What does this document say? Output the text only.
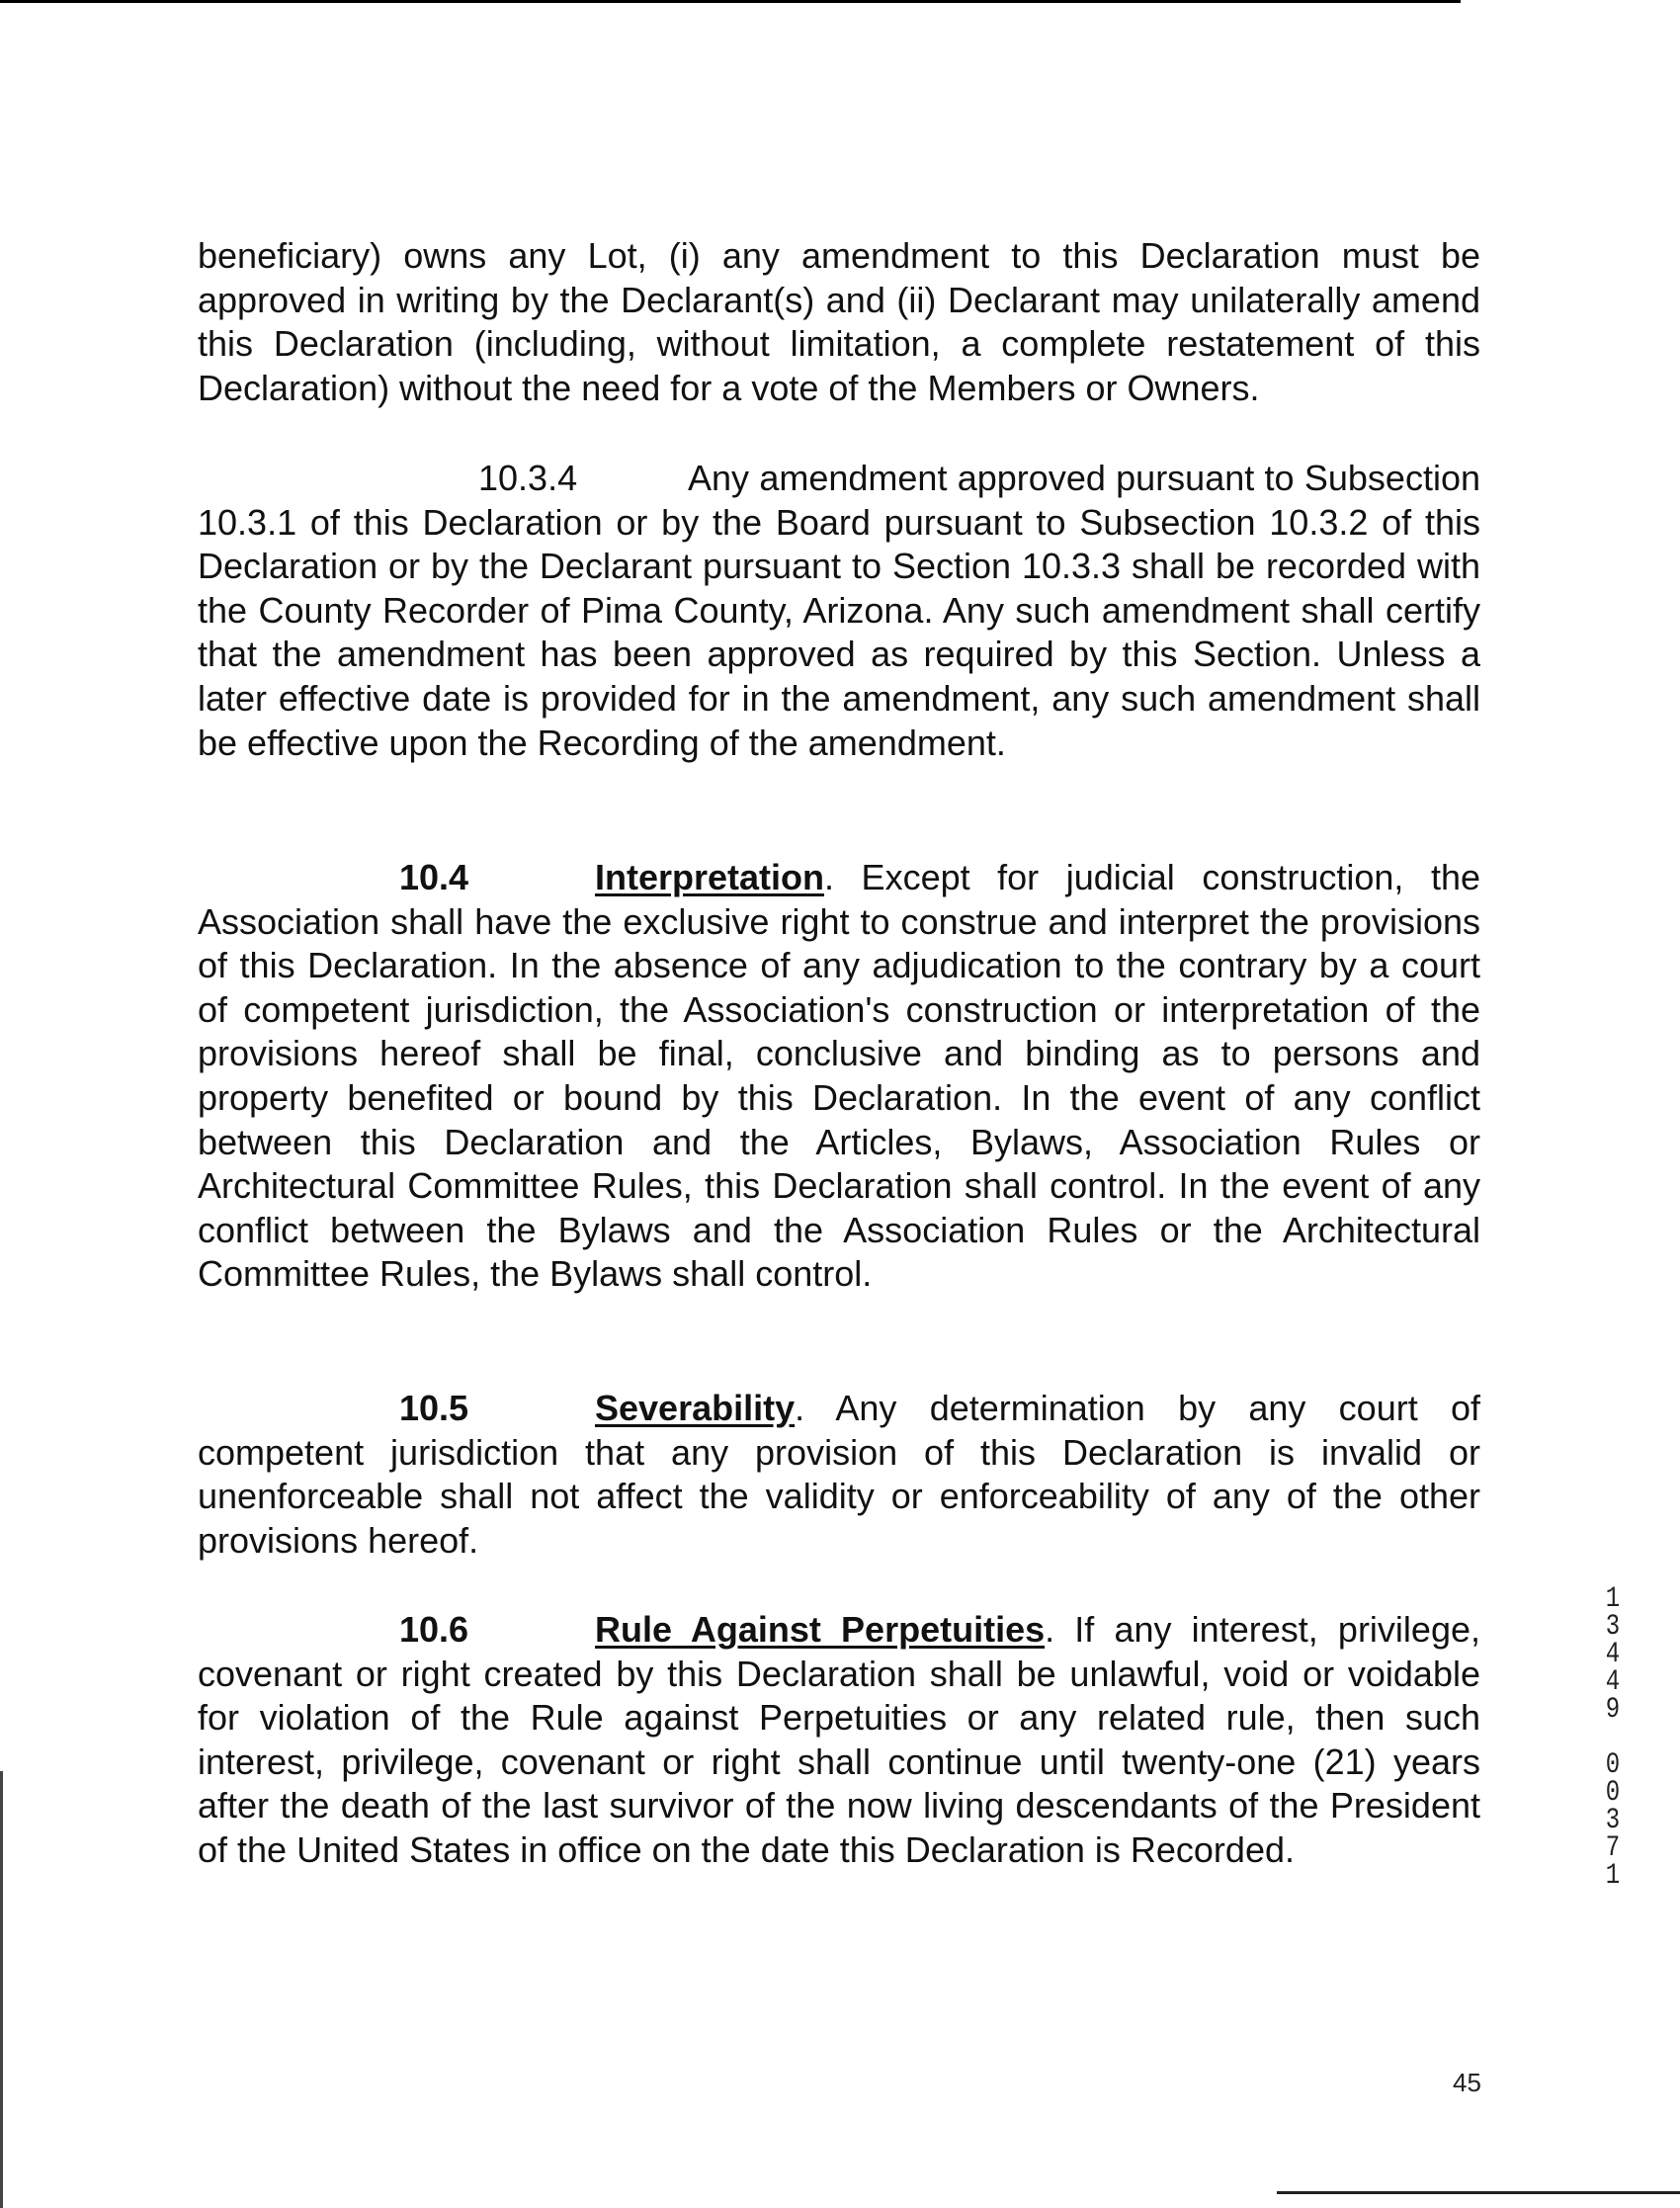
beneficiary) owns any Lot, (i) any amendment to this Declaration must be approved in writing by the Declarant(s) and (ii) Declarant may unilaterally amend this Declaration (including, without limitation, a complete restatement of this Declaration) without the need for a vote of the Members or Owners.

10.3.4	Any amendment approved pursuant to Subsection 10.3.1 of this Declaration or by the Board pursuant to Subsection 10.3.2 of this Declaration or by the Declarant pursuant to Section 10.3.3 shall be recorded with the County Recorder of Pima County, Arizona. Any such amendment shall certify that the amendment has been approved as required by this Section. Unless a later effective date is provided for in the amendment, any such amendment shall be effective upon the Recording of the amendment.

10.4	Interpretation. Except for judicial construction, the Association shall have the exclusive right to construe and interpret the provisions of this Declaration. In the absence of any adjudication to the contrary by a court of competent jurisdiction, the Association's construction or interpretation of the provisions hereof shall be final, conclusive and binding as to persons and property benefited or bound by this Declaration. In the event of any conflict between this Declaration and the Articles, Bylaws, Association Rules or Architectural Committee Rules, this Declaration shall control. In the event of any conflict between the Bylaws and the Association Rules or the Architectural Committee Rules, the Bylaws shall control.

10.5	Severability. Any determination by any court of competent jurisdiction that any provision of this Declaration is invalid or unenforceable shall not affect the validity or enforceability of any of the other provisions hereof.

10.6	Rule Against Perpetuities. If any interest, privilege, covenant or right created by this Declaration shall be unlawful, void or voidable for violation of the Rule against Perpetuities or any related rule, then such interest, privilege, covenant or right shall continue until twenty-one (21) years after the death of the last survivor of the now living descendants of the President of the United States in office on the date this Declaration is Recorded.

1
3
4
4
9
0
0
3
7
1
45
